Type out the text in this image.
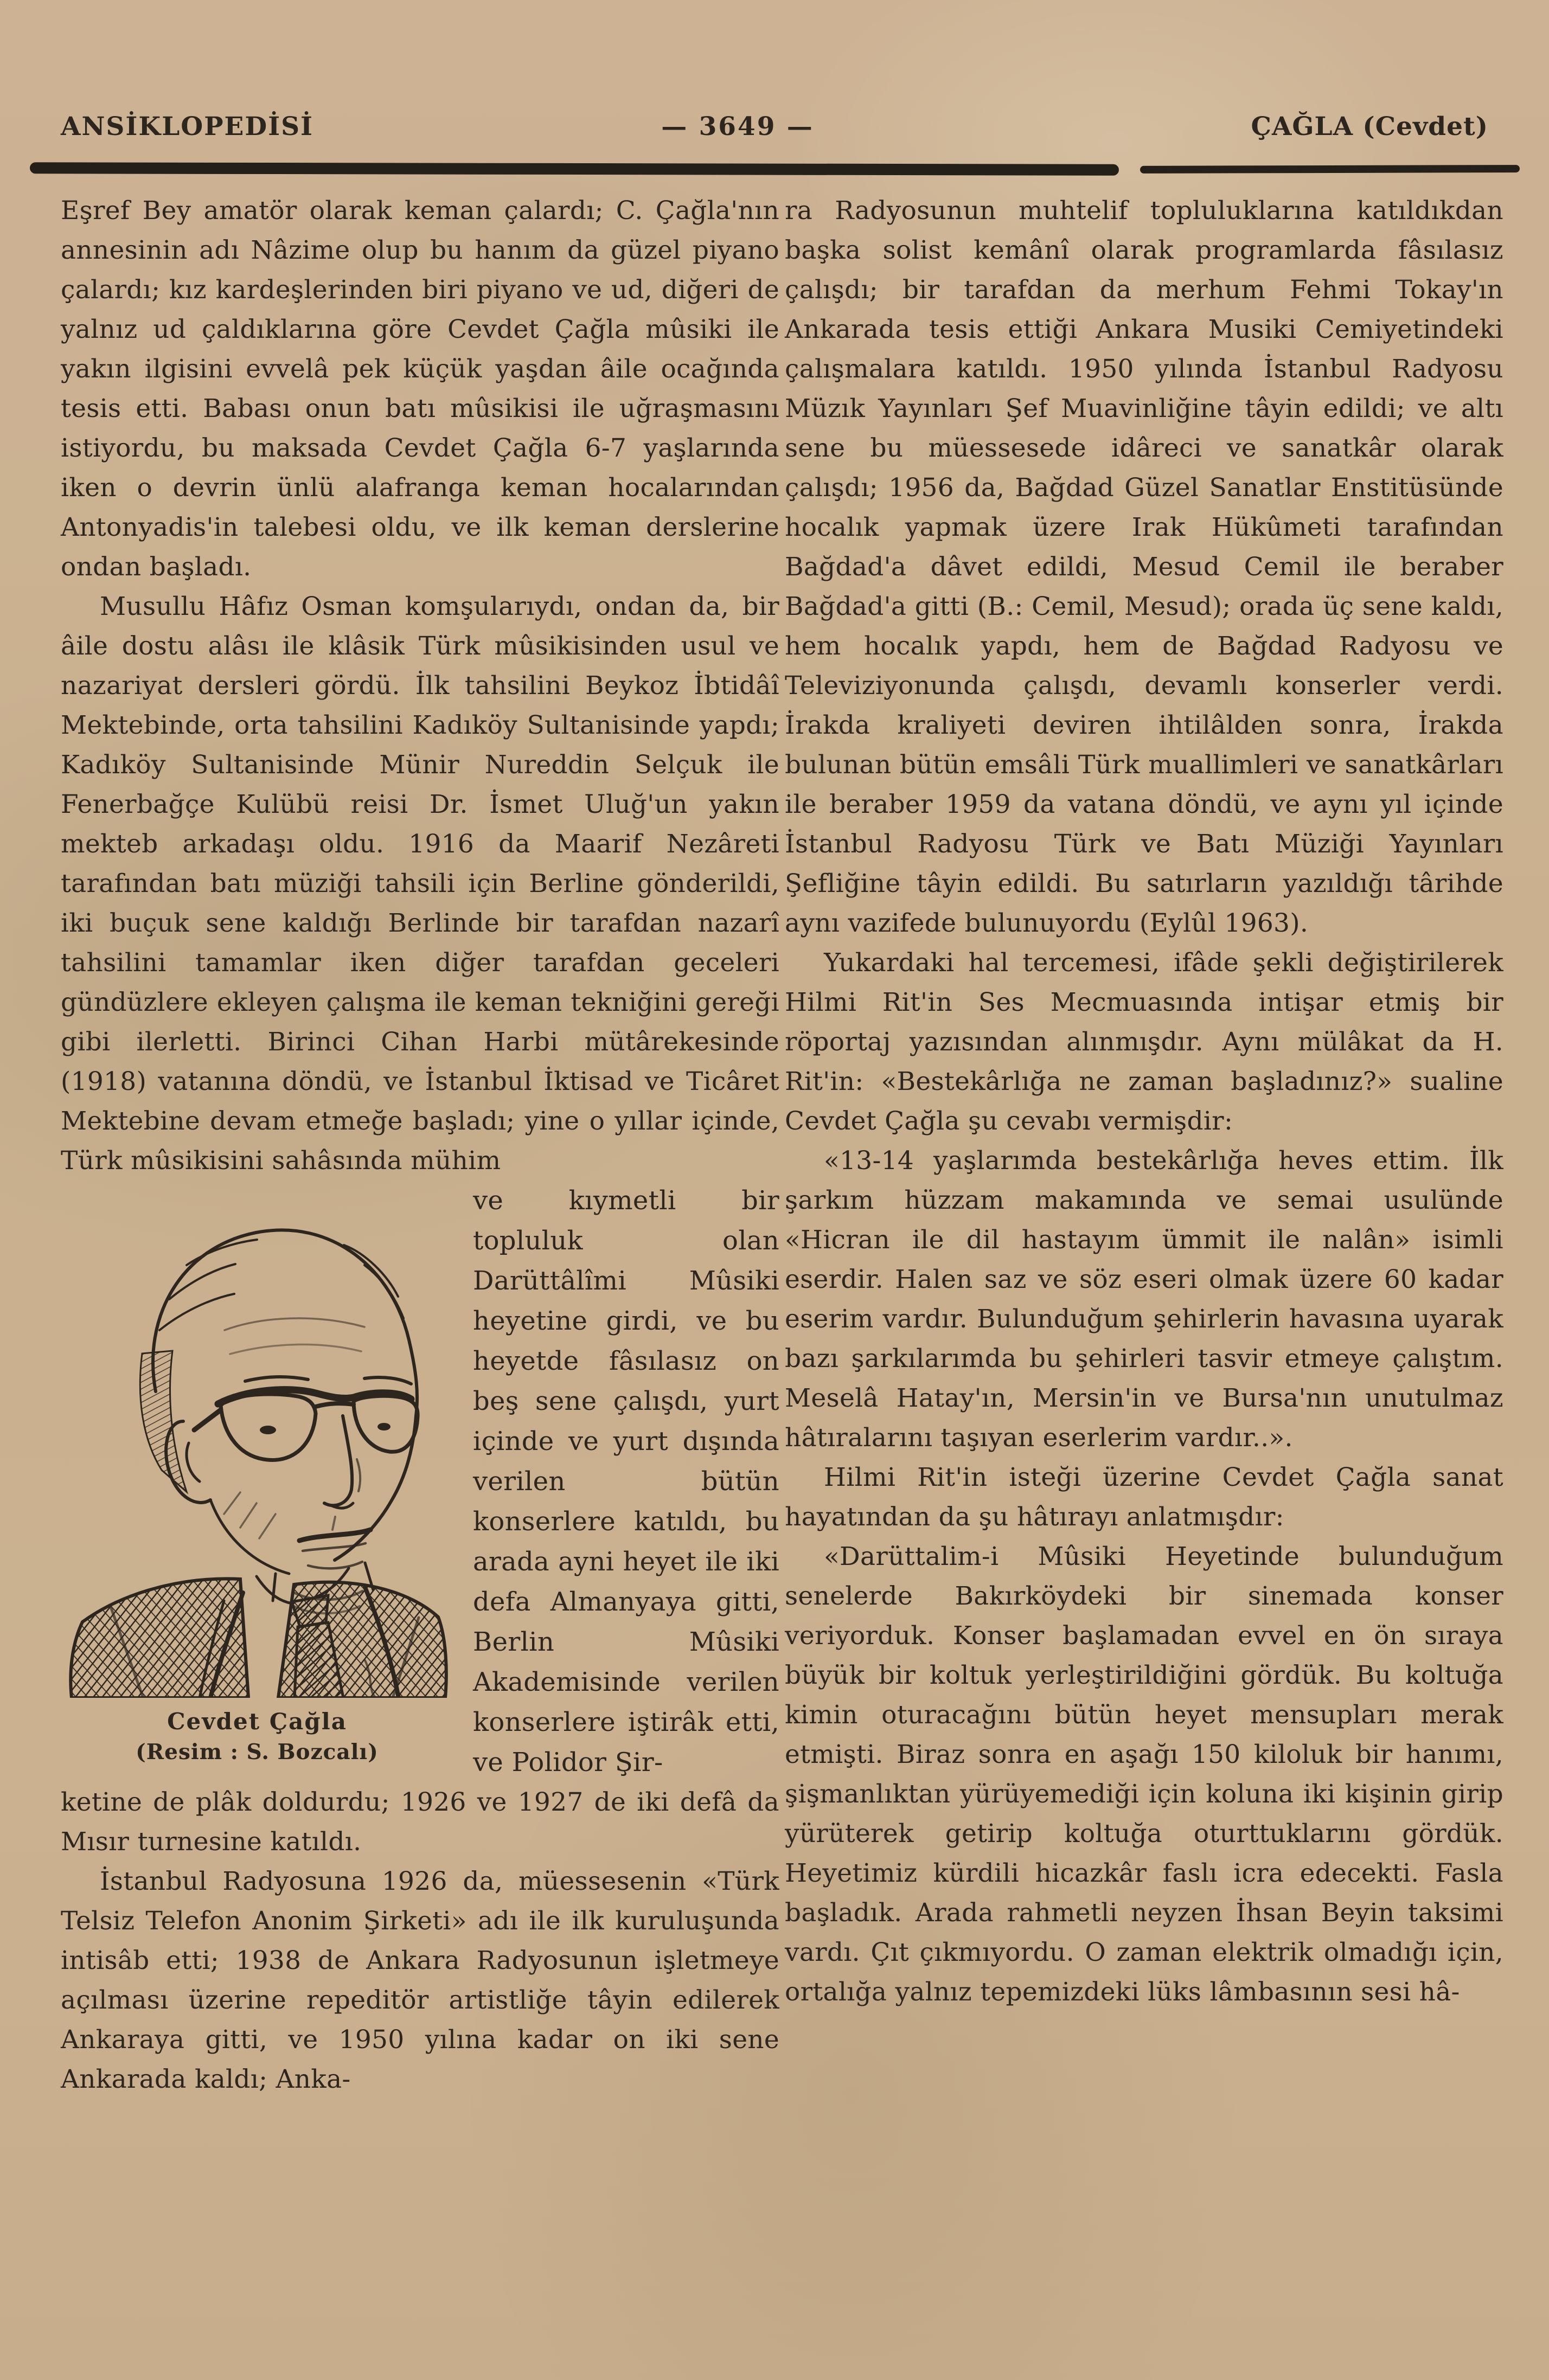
ANSİKLOPEDİSİ	— 3649 —	ÇAĞLA (Cevdet)

Eşref Bey amatör olarak keman çalardı; C. Çağla'nın annesinin adı Nâzime olup bu hanım da güzel piyano çalardı; kız kardeşlerinden biri piyano ve ud, diğeri de yalnız ud çaldıklarına göre Cevdet Çağla mûsiki ile yakın ilgisini evvelâ pek küçük yaşdan âile ocağında tesis etti. Babası onun batı mûsikisi ile uğraşmasını istiyordu, bu maksada Cevdet Çağla 6-7 yaşlarında iken o devrin ünlü alafranga keman hocalarından Antonyadis'in talebesi oldu, ve ilk keman derslerine ondan başladı.

Musullu Hâfız Osman komşularıydı, ondan da, bir âile dostu alâsı ile klâsik Türk mûsikisinden usul ve nazariyat dersleri gördü. İlk tahsilini Beykoz İbtidâî Mektebinde, orta tahsilini Kadıköy Sultanisinde yapdı; Kadıköy Sultanisinde Münir Nureddin Selçuk ile Fenerbağçe Kulübü reisi Dr. İsmet Uluğ'un yakın mekteb arkadaşı oldu. 1916 da Maarif Nezâreti tarafından batı müziği tahsili için Berline gönderildi, iki buçuk sene kaldığı Berlinde bir tarafdan nazarî tahsilini tamamlar iken diğer tarafdan geceleri gündüzlere ekleyen çalışma ile keman tekniğini gereği gibi ilerletti. Birinci Cihan Harbi mütârekesinde (1918) vatanına döndü, ve İstanbul İktisad ve Ticâret Mektebine devam etmeğe başladı; yine o yıllar içinde, Türk mûsikisini sahâsında mühim

Cevdet Çağla
(Resim : S. Bozcalı)

ve kıymetli bir topluluk olan Darüttâlîmi Mûsiki heyetine girdi, ve bu heyetde fâsılasız on beş sene çalışdı, yurt içinde ve yurt dışında verilen bütün konserlere katıldı, bu arada ayni heyet ile iki defa Almanyaya gitti, Berlin Mûsiki Akademisinde verilen konserlere iştirâk etti, ve Polidor Şir-

ketine de plâk doldurdu; 1926 ve 1927 de iki defâ da Mısır turnesine katıldı.

İstanbul Radyosuna 1926 da, müessesenin «Türk Telsiz Telefon Anonim Şirketi» adı ile ilk kuruluşunda intisâb etti; 1938 de Ankara Radyosunun işletmeye açılması üzerine repeditör artistliğe tâyin edilerek Ankaraya gitti, ve 1950 yılına kadar on iki sene Ankarada kaldı; Anka-

ra Radyosunun muhtelif topluluklarına katıldıkdan başka solist kemânî olarak programlarda fâsılasız çalışdı; bir tarafdan da merhum Fehmi Tokay'ın Ankarada tesis ettiği Ankara Musiki Cemiyetindeki çalışmalara katıldı. 1950 yılında İstanbul Radyosu Müzık Yayınları Şef Muavinliğine tâyin edildi; ve altı sene bu müessesede idâreci ve sanatkâr olarak çalışdı; 1956 da, Bağdad Güzel Sanatlar Enstitüsünde hocalık yapmak üzere Irak Hükûmeti tarafından Bağdad'a dâvet edildi, Mesud Cemil ile beraber Bağdad'a gitti (B.: Cemil, Mesud); orada üç sene kaldı, hem hocalık yapdı, hem de Bağdad Radyosu ve Televiziyonunda çalışdı, devamlı konserler verdi. İrakda kraliyeti deviren ihtilâlden sonra, İrakda bulunan bütün emsâli Türk muallimleri ve sanatkârları ile beraber 1959 da vatana döndü, ve aynı yıl içinde İstanbul Radyosu Türk ve Batı Müziği Yayınları Şefliğine tâyin edildi. Bu satırların yazıldığı târihde aynı vazifede bulunuyordu (Eylûl 1963).

Yukardaki hal tercemesi, ifâde şekli değiştirilerek Hilmi Rit'in Ses Mecmuasında intişar etmiş bir röportaj yazısından alınmışdır. Aynı mülâkat da H. Rit'in: «Bestekârlığa ne zaman başladınız?» sualine Cevdet Çağla şu cevabı vermişdir:

«13-14 yaşlarımda bestekârlığa heves ettim. İlk şarkım hüzzam makamında ve semai usulünde «Hicran ile dil hastayım ümmit ile nalân» isimli eserdir. Halen saz ve söz eseri olmak üzere 60 kadar eserim vardır. Bulunduğum şehirlerin havasına uyarak bazı şarkılarımda bu şehirleri tasvir etmeye çalıştım. Meselâ Hatay'ın, Mersin'in ve Bursa'nın unutulmaz hâtıralarını taşıyan eserlerim vardır..».

Hilmi Rit'in isteği üzerine Cevdet Çağla sanat hayatından da şu hâtırayı anlatmışdır:

«Darüttalim-i Mûsiki Heyetinde bulunduğum senelerde Bakırköydeki bir sinemada konser veriyorduk. Konser başlamadan evvel en ön sıraya büyük bir koltuk yerleştirildiğini gördük. Bu koltuğa kimin oturacağını bütün heyet mensupları merak etmişti. Biraz sonra en aşağı 150 kiloluk bir hanımı, şişmanlıktan yürüyemediği için koluna iki kişinin girip yürüterek getirip koltuğa oturttuklarını gördük. Heyetimiz kürdili hicazkâr faslı icra edecekti. Fasla başladık. Arada rahmetli neyzen İhsan Beyin taksimi vardı. Çıt çıkmıyordu. O zaman elektrik olmadığı için, ortalığa yalnız tepemizdeki lüks lâmbasının sesi hâ-
